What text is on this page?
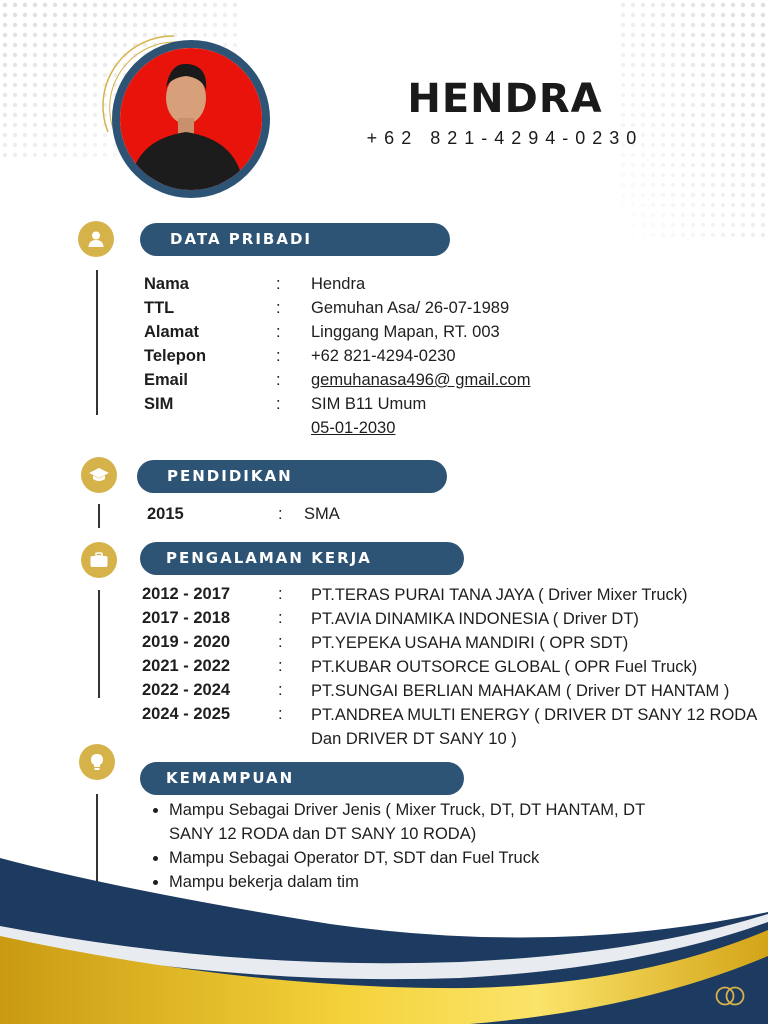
HENDRA
+62 821-4294-0230
DATA PRIBADI
Nama	: Hendra
TTL	: Gemuhan Asa/ 26-07-1989
Alamat	: Linggang Mapan, RT. 003
Telepon	: +62 821-4294-0230
Email	: gemuhanasa496@ gmail.com
SIM	: SIM B11 Umum
05-01-2030
PENDIDIKAN
2015	: SMA
PENGALAMAN KERJA
2012 - 2017	: PT.TERAS PURAI TANA JAYA ( Driver Mixer Truck)
2017 - 2018	: PT.AVIA DINAMIKA INDONESIA ( Driver DT)
2019 - 2020	: PT.YEPEKA USAHA MANDIRI ( OPR SDT)
2021 - 2022	: PT.KUBAR OUTSORCE GLOBAL ( OPR Fuel Truck)
2022 - 2024	: PT.SUNGAI BERLIAN MAHAKAM ( Driver DT HANTAM )
2024 - 2025	: PT.ANDREA MULTI ENERGY ( DRIVER DT SANY 12 RODA
Dan DRIVER DT SANY 10 )
KEMAMPUAN
• Mampu Sebagai Driver Jenis ( Mixer Truck, DT, DT HANTAM, DT
SANY 12 RODA dan DT SANY 10 RODA)
• Mampu Sebagai Operator DT, SDT dan Fuel Truck
• Mampu bekerja dalam tim
